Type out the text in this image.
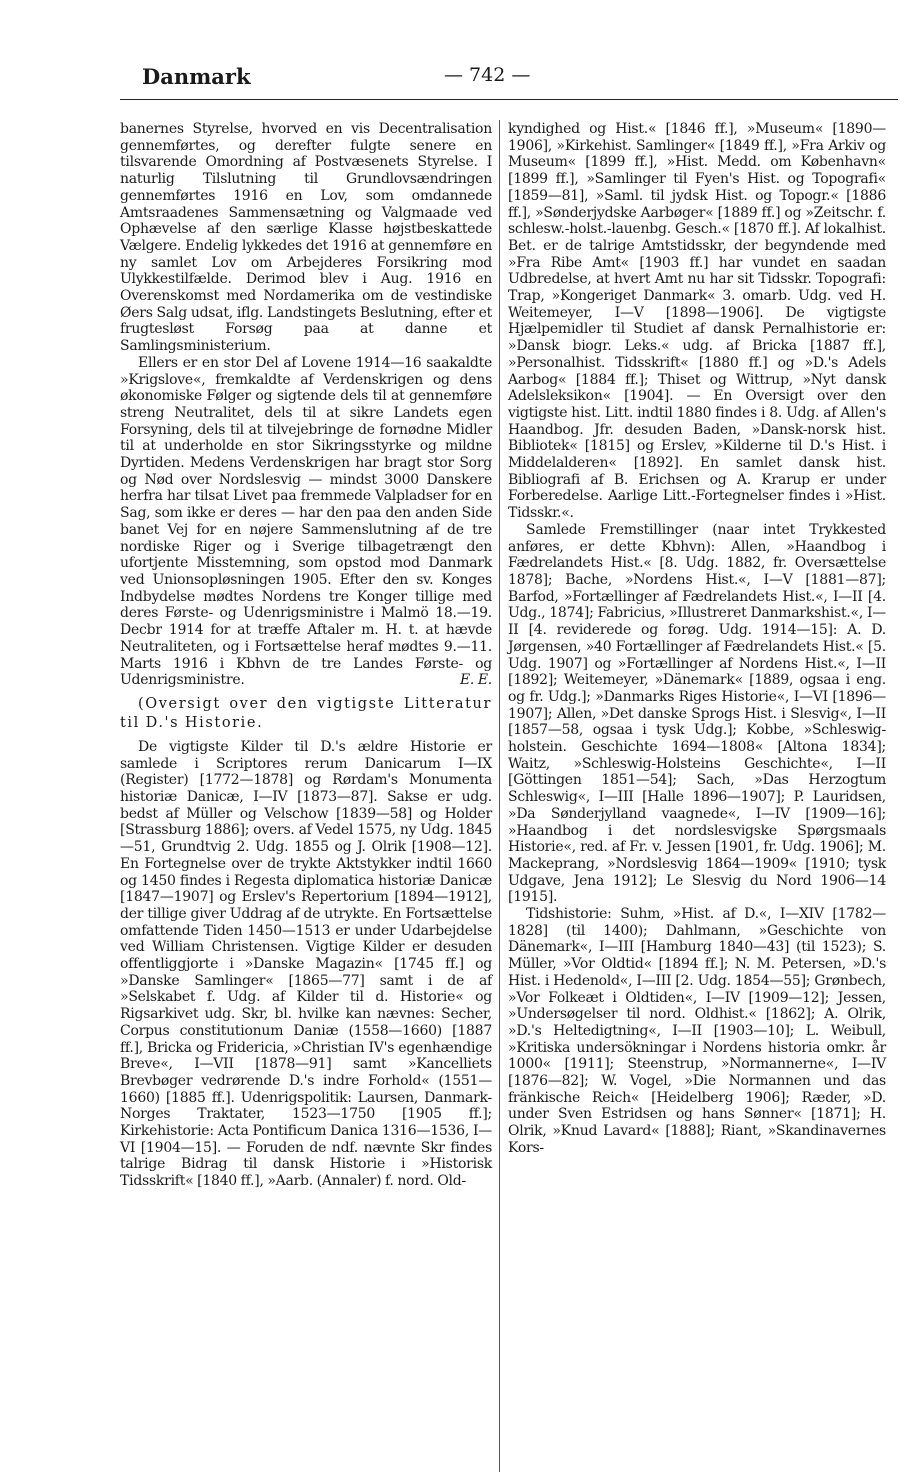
Danmark	— 742 —

banernes Styrelse, hvorved en vis Decentralisation gennemførtes, og derefter fulgte senere en tilsvarende Omordning af Postvæsenets Styrelse. I naturlig Tilslutning til Grundlovsændringen gennemførtes 1916 en Lov, som omdannede Amtsraadenes Sammensætning og Valgmaade ved Ophævelse af den særlige Klasse højstbeskattede Vælgere. Endelig lykkedes det 1916 at gennemføre en ny samlet Lov om Arbejderes Forsikring mod Ulykkestilfælde. Derimod blev i Aug. 1916 en Overenskomst med Nordamerika om de vestindiske Øers Salg udsat, iflg. Landstingets Beslutning, efter et frugtesløst Forsøg paa at danne et Samlingsministerium.

Ellers er en stor Del af Lovene 1914—16 saakaldte »Krigslove«, fremkaldte af Verdenskrigen og dens økonomiske Følger og sigtende dels til at gennemføre streng Neutralitet, dels til at sikre Landets egen Forsyning, dels til at tilvejebringe de fornødne Midler til at underholde en stor Sikringsstyrke og mildne Dyrtiden. Medens Verdenskrigen har bragt stor Sorg og Nød over Nordslesvig — mindst 3000 Danskere herfra har tilsat Livet paa fremmede Valpladser for en Sag, som ikke er deres — har den paa den anden Side banet Vej for en nøjere Sammenslutning af de tre nordiske Riger og i Sverige tilbagetrængt den ufortjente Misstemning, som opstod mod Danmark ved Unionsopløsningen 1905. Efter den sv. Konges Indbydelse mødtes Nordens tre Konger tillige med deres Første- og Udenrigsministre i Malmö 18.—19. Decbr 1914 for at træffe Aftaler m. H. t. at hævde Neutraliteten, og i Fortsættelse heraf mødtes 9.—11. Marts 1916 i Kbhvn de tre Landes Første- og Udenrigsministre.	E. E.

(Oversigt over den vigtigste Litteratur til D.'s Historie.

De vigtigste Kilder til D.'s ældre Historie er samlede i Scriptores rerum Danicarum I—IX (Register) [1772—1878] og Rørdam's Monumenta historiæ Danicæ, I—IV [1873—87]. Sakse er udg. bedst af Müller og Velschow [1839—58] og Holder [Strassburg 1886]; overs. af Vedel 1575, ny Udg. 1845—51, Grundtvig 2. Udg. 1855 og J. Olrik [1908—12]. En Fortegnelse over de trykte Aktstykker indtil 1660 og 1450 findes i Regesta diplomatica historiæ Danicæ [1847—1907] og Erslev's Repertorium [1894—1912], der tillige giver Uddrag af de utrykte. En Fortsættelse omfattende Tiden 1450—1513 er under Udarbejdelse ved William Christensen. Vigtige Kilder er desuden offentliggjorte i »Danske Magazin« [1745 ff.] og »Danske Samlinger« [1865—77] samt i de af »Selskabet f. Udg. af Kilder til d. Historie« og Rigsarkivet udg. Skr, bl. hvilke kan nævnes: Secher, Corpus constitutionum Daniæ (1558—1660) [1887 ff.], Bricka og Fridericia, »Christian IV's egenhændige Breve«, I—VII [1878—91] samt »Kancelliets Brevbøger vedrørende D.'s indre Forhold« (1551—1660) [1885 ff.]. Udenrigspolitik: Laursen, Danmark-Norges Traktater, 1523—1750 [1905 ff.]; Kirkehistorie: Acta Pontificum Danica 1316—1536, I—VI [1904—15]. — Foruden de ndf. nævnte Skr findes talrige Bidrag til dansk Historie i »Historisk Tidsskrift« [1840 ff.], »Aarb. (Annaler) f. nord. Old-

kyndighed og Hist.« [1846 ff.], »Museum« [1890—1906], »Kirkehist. Samlinger« [1849 ff.], »Fra Arkiv og Museum« [1899 ff.], »Hist. Medd. om København« [1899 ff.], »Samlinger til Fyen's Hist. og Topografi« [1859—81], »Saml. til jydsk Hist. og Topogr.« [1886 ff.], »Sønderjydske Aarbøger« [1889 ff.] og »Zeitschr. f. schlesw.-holst.-lauenbg. Gesch.« [1870 ff.]. Af lokalhist. Bet. er de talrige Amtstidsskr, der begyndende med »Fra Ribe Amt« [1903 ff.] har vundet en saadan Udbredelse, at hvert Amt nu har sit Tidsskr. Topografi: Trap, »Kongeriget Danmark« 3. omarb. Udg. ved H. Weitemeyer, I—V [1898—1906]. De vigtigste Hjælpemidler til Studiet af dansk Pernalhistorie er: »Dansk biogr. Leks.« udg. af Bricka [1887 ff.], »Personalhist. Tidsskrift« [1880 ff.] og »D.'s Adels Aarbog« [1884 ff.]; Thiset og Wittrup, »Nyt dansk Adelsleksikon« [1904]. — En Oversigt over den vigtigste hist. Litt. indtil 1880 findes i 8. Udg. af Allen's Haandbog. Jfr. desuden Baden, »Dansk-norsk hist. Bibliotek« [1815] og Erslev, »Kilderne til D.'s Hist. i Middelalderen« [1892]. En samlet dansk hist. Bibliografi af B. Erichsen og A. Krarup er under Forberedelse. Aarlige Litt.-Fortegnelser findes i »Hist. Tidsskr.«.

Samlede Fremstillinger (naar intet Trykkested anføres, er dette Kbhvn): Allen, »Haandbog i Fædrelandets Hist.« [8. Udg. 1882, fr. Oversættelse 1878]; Bache, »Nordens Hist.«, I—V [1881—87]; Barfod, »Fortællinger af Fædrelandets Hist.«, I—II [4. Udg., 1874]; Fabricius, »Illustreret Danmarkshist.«, I—II [4. reviderede og forøg. Udg. 1914—15]: A. D. Jørgensen, »40 Fortællinger af Fædrelandets Hist.« [5. Udg. 1907] og »Fortællinger af Nordens Hist.«, I—II [1892]; Weitemeyer, »Dänemark« [1889, ogsaa i eng. og fr. Udg.]; »Danmarks Riges Historie«, I—VI [1896—1907]; Allen, »Det danske Sprogs Hist. i Slesvig«, I—II [1857—58, ogsaa i tysk Udg.]; Kobbe, »Schleswig-holstein. Geschichte 1694—1808« [Altona 1834]; Waitz, »Schleswig-Holsteins Geschichte«, I—II [Göttingen 1851—54]; Sach, »Das Herzogtum Schleswig«, I—III [Halle 1896—1907]; P. Lauridsen, »Da Sønderjylland vaagnede«, I—IV [1909—16]; »Haandbog i det nordslesvigske Spørgsmaals Historie«, red. af Fr. v. Jessen [1901, fr. Udg. 1906]; M. Mackeprang, »Nordslesvig 1864—1909« [1910; tysk Udgave, Jena 1912]; Le Slesvig du Nord 1906—14 [1915].

Tidshistorie: Suhm, »Hist. af D.«, I—XIV [1782—1828] (til 1400); Dahlmann, »Geschichte von Dänemark«, I—III [Hamburg 1840—43] (til 1523); S. Müller, »Vor Oldtid« [1894 ff.]; N. M. Petersen, »D.'s Hist. i Hedenold«, I—III [2. Udg. 1854—55]; Grønbech, »Vor Folkeæt i Oldtiden«, I—IV [1909—12]; Jessen, »Undersøgelser til nord. Oldhist.« [1862]; A. Olrik, »D.'s Heltedigtning«, I—II [1903—10]; L. Weibull, »Kritiska undersökningar i Nordens historia omkr. år 1000« [1911]; Steenstrup, »Normannerne«, I—IV [1876—82]; W. Vogel, »Die Normannen und das fränkische Reich« [Heidelberg 1906]; Ræder, »D. under Sven Estridsen og hans Sønner« [1871]; H. Olrik, »Knud Lavard« [1888]; Riant, »Skandinavernes Kors-
